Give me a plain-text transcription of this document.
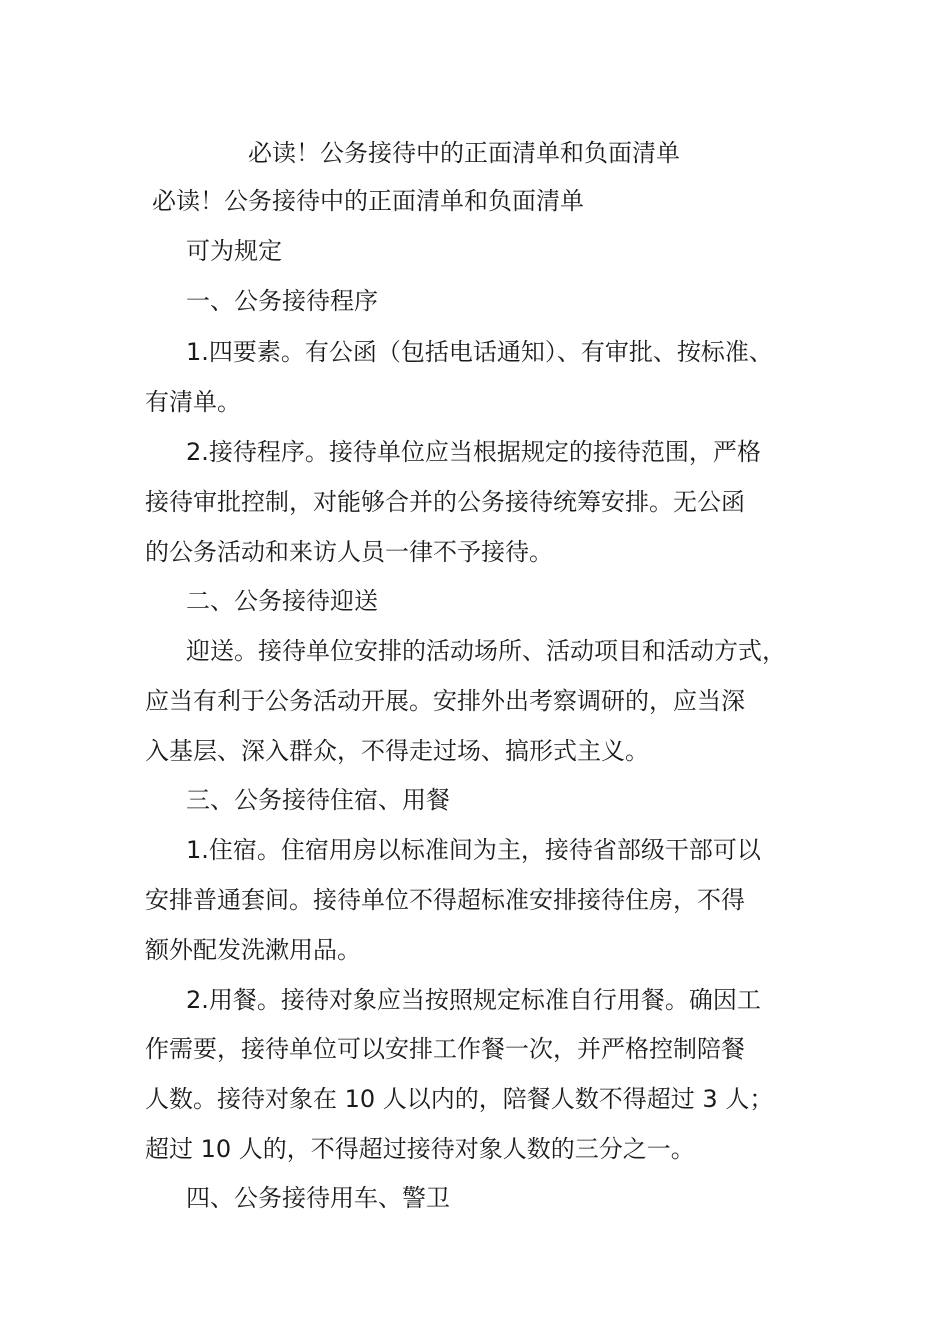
必读！公务接待中的正面清单和负面清单

必读！公务接待中的正面清单和负面清单

可为规定

一、公务接待程序

1.四要素。有公函（包括电话通知）、有审批、按标准、

有清单。

2.接待程序。接待单位应当根据规定的接待范围，严格

接待审批控制，对能够合并的公务接待统筹安排。无公函

的公务活动和来访人员一律不予接待。

二、公务接待迎送

迎送。接待单位安排的活动场所、活动项目和活动方式，

应当有利于公务活动开展。安排外出考察调研的，应当深

入基层、深入群众，不得走过场、搞形式主义。

三、公务接待住宿、用餐

1.住宿。住宿用房以标准间为主，接待省部级干部可以

安排普通套间。接待单位不得超标准安排接待住房，不得

额外配发洗漱用品。

2.用餐。接待对象应当按照规定标准自行用餐。确因工

作需要，接待单位可以安排工作餐一次，并严格控制陪餐

人数。接待对象在 10 人以内的，陪餐人数不得超过 3 人；

超过 10 人的，不得超过接待对象人数的三分之一。

四、公务接待用车、警卫
